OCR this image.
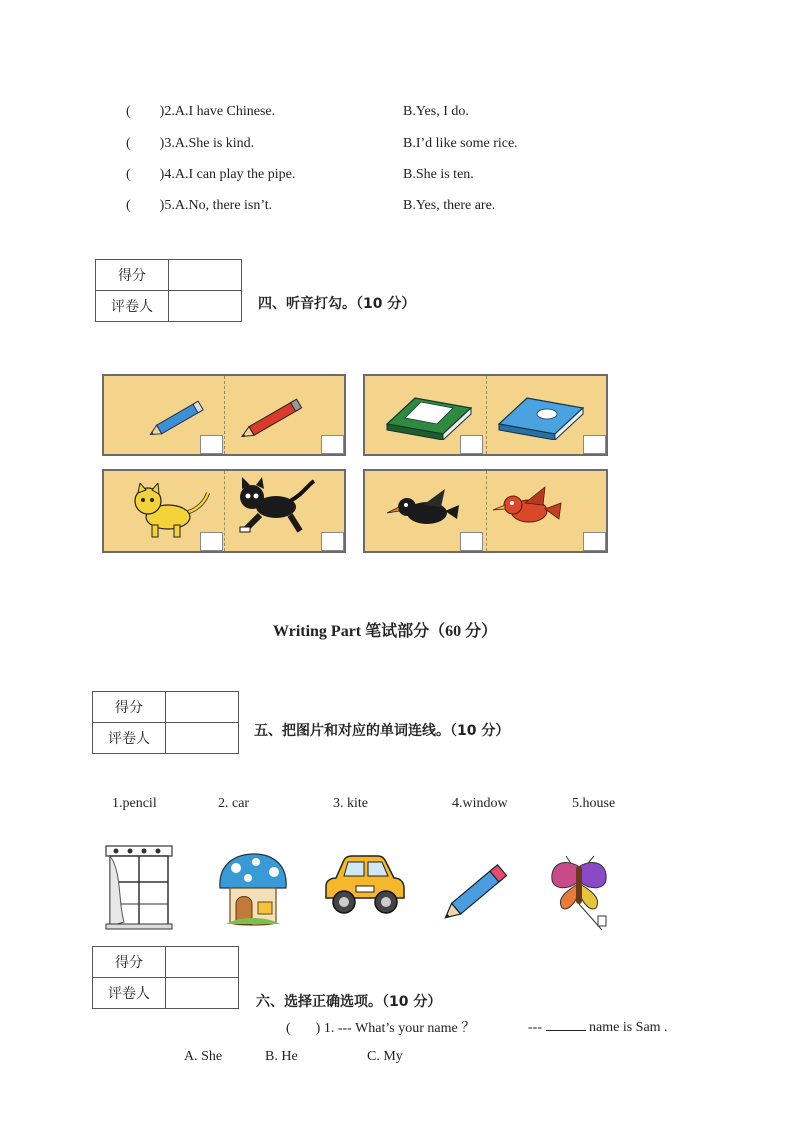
( )2.A.I have Chinese.	B.Yes, I do.
( )3.A.She is kind.	B.I’d like some rice.
( )4.A.I can play the pipe.	B.She is ten.
( )5.A.No, there isn’t.	B.Yes, there are.
得分	
评卷人		四、听音打勾。（10 分）
Writing Part 笔试部分（60 分）
得分	
评卷人		五、把图片和对应的单词连线。（10 分）
1.pencil	2. car	3. kite	4.window	5.house
得分	
评卷人		六、选择正确选项。（10 分）
( ) 1. --- What’s your name ？	---	name is Sam .
A. She	B. He	C. My
